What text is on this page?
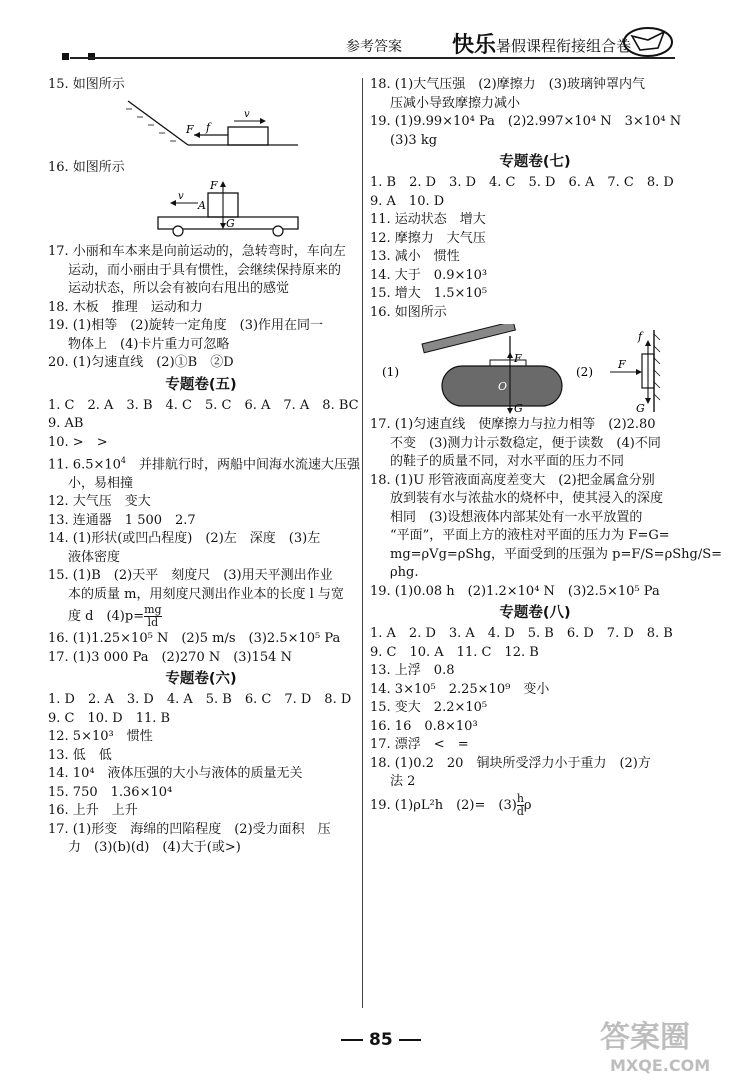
参考答案 快乐 暑假课程衔接组合卷

15. 如图所示

F f
v

16. 如图所示

F
v
A
G

17. 小丽和车本来是向前运动的，急转弯时，车向左

运动，而小丽由于具有惯性，会继续保持原来的

运动状态，所以会有被向右甩出的感觉

18. 木板　推理　运动和力

19. (1)相等　(2)旋转一定角度　(3)作用在同一

物体上　(4)卡片重力可忽略

20. (1)匀速直线　(2)①B　②D

专题卷(五)

1. C　2. A　3. B　4. C　5. C　6. A　7. A　8. BC

9. AB

10. >　>

11. $6.5\times 10^4$　并排航行时，两船中间海水流速大压强

小，易相撞

12. 大气压　变大

13. 连通器　1 500　2.7

14. (1)形状(或凹凸程度)　(2)左　深度　(3)左

液体密度

15. (1)B　(2)天平　刻度尺　(3)用天平测出作业

本的质量 m，用刻度尺测出作业本的长度 l 与宽

度 d　$(4)p= \frac{mg}{ld}$

16. (1)1.25×10⁵ N　(2)5 m/s　(3)2.5×10⁵ Pa

17. (1)3 000 Pa　(2)270 N　(3)154 N

专题卷(六)

1. D　2. A　3. D　4. A　5. B　6. C　7. D　8. D

9. C　10. D　11. B

12. 5×10³　惯性

13. 低　低

14. 10⁴　液体压强的大小与液体的质量无关

15. 750　1.36×10⁴

16. 上升　上升

17. (1)形变　海绵的凹陷程度　(2)受力面积　压

力　(3)(b)(d)　(4)大于(或>)

18. (1)大气压强　(2)摩擦力　(3)玻璃钟罩内气

压减小导致摩擦力减小

19. (1)9.99×10⁴ Pa　(2)2.997×10⁴ N　3×10⁴ N

(3)3 kg

专题卷(七)

1. B　2. D　3. D　4. C　5. D　6. A　7. C　8. D

9. A　10. D

11. 运动状态　增大

12. 摩擦力　大气压

13. 减小　惯性

14. 大于　0.9×10³

15. 增大　1.5×10⁵

16. 如图所示

(1)
F
O
G
(2)
F
f
G

17. (1)匀速直线　使摩擦力与拉力相等　(2)2.80

不变　(3)测力计示数稳定，便于读数　(4)不同

的鞋子的质量不同，对水平面的压力不同

18. (1)U 形管液面高度差变大　(2)把金属盒分别

放到装有水与浓盐水的烧杯中，使其浸入的深度

相同　(3)设想液体内部某处有一水平放置的

“平面”，平面上方的液柱对平面的压力为 F=G=

mg=ρVg=ρShg，平面受到的压强为 p=F/S=ρShg/S=

ρhg.

19. (1)0.08 h　(2)1.2×10⁴ N　(3)2.5×10⁵ Pa

专题卷(八)

1. A　2. D　3. A　4. D　5. B　6. D　7. D　8. B

9. C　10. A　11. C　12. B

13. 上浮　0.8

14. 3×10⁵　2.25×10⁹　变小

15. 变大　2.2×10⁵

16. 16　0.8×10³

17. 漂浮　<　=

18. (1)0.2　20　铜块所受浮力小于重力　(2)方

法 2

19. (1)ρL²h　(2)=　$(3) \frac{h}{d}$ ρ

85	答案圈
MXQE.COM
